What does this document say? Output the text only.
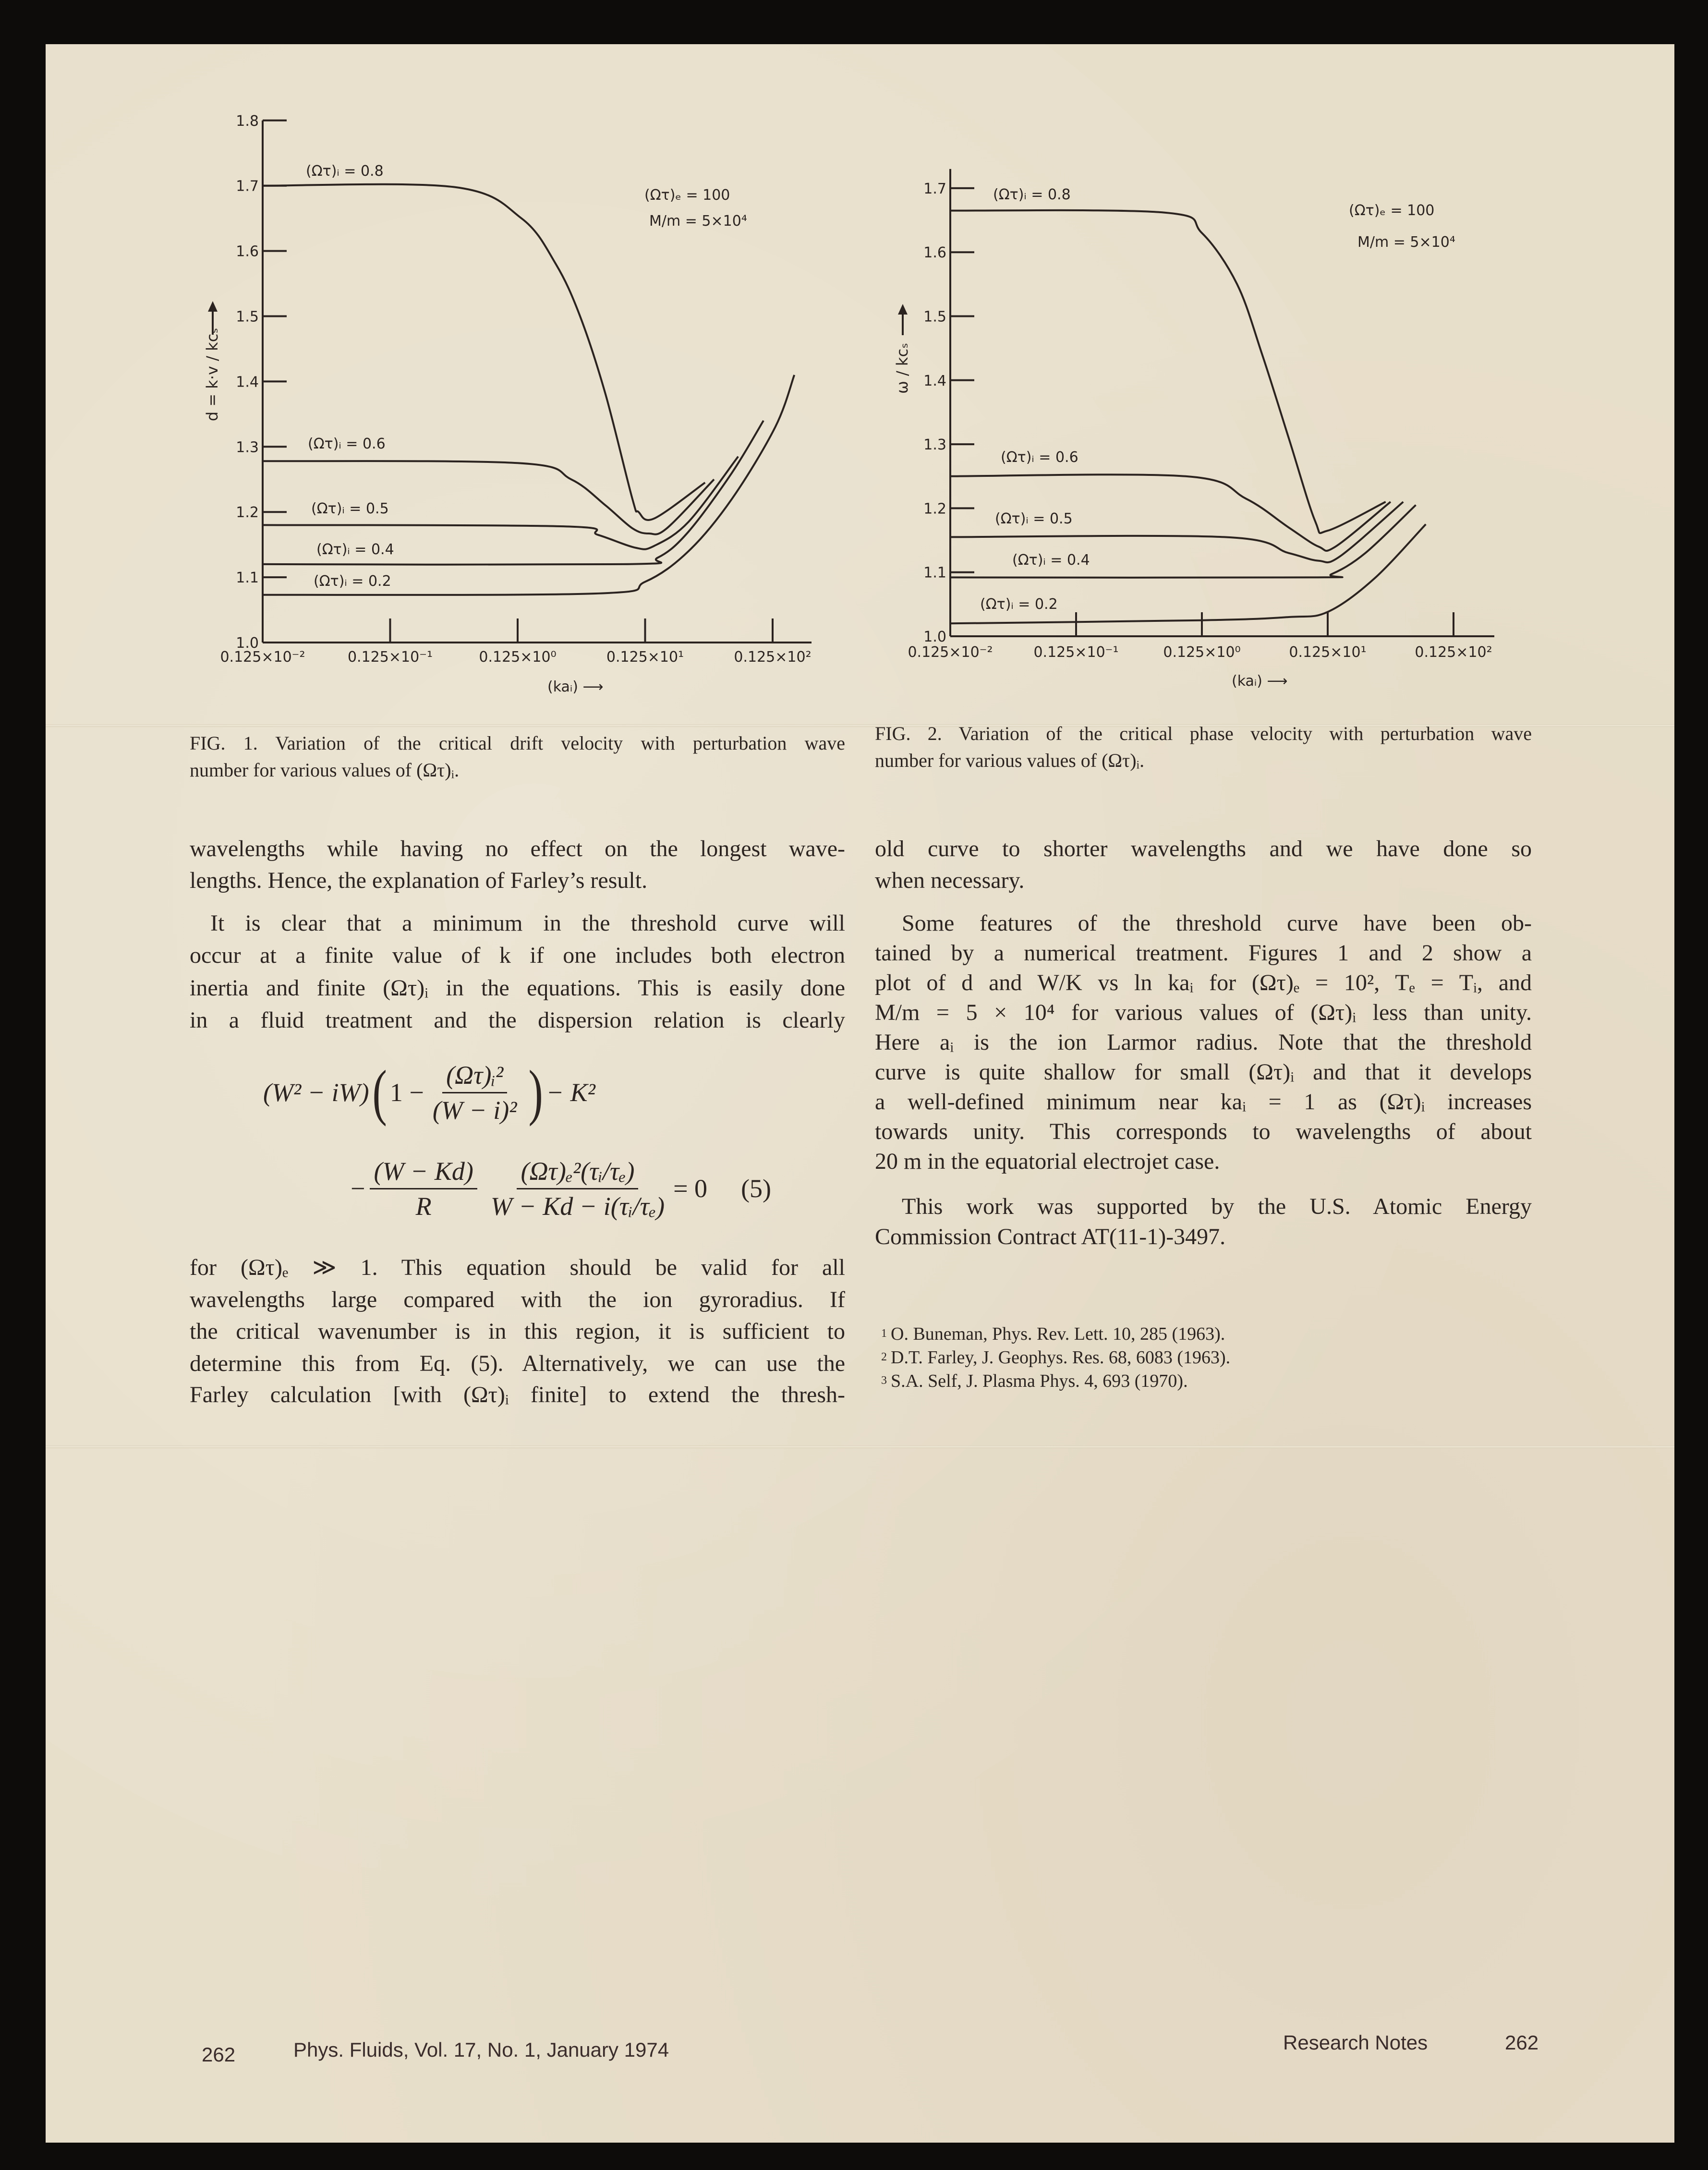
1.8
1.7
1.6
1.5
1.4
1.3
1.2
1.1
1.0
0.125×10⁻²	0.125×10⁻¹	0.125×10⁰	0.125×10¹	0.125×10²
(Ωτ)ᵢ = 0.8
(Ωτ)ᵢ = 0.6
(Ωτ)ᵢ = 0.5
(Ωτ)ᵢ = 0.4
(Ωτ)ᵢ = 0.2
(Ωτ)ₑ = 100
M/m = 5×10⁴
d = k·v / kcₛ
(kaᵢ) ⟶
1.7
1.6
1.5
1.4
1.3
1.2
1.1
1.0
0.125×10⁻²	0.125×10⁻¹	0.125×10⁰	0.125×10¹	0.125×10²
(Ωτ)ᵢ = 0.8
(Ωτ)ᵢ = 0.6
(Ωτ)ᵢ = 0.5
(Ωτ)ᵢ = 0.4
(Ωτ)ᵢ = 0.2
(Ωτ)ₑ = 100
M/m = 5×10⁴
ω / kcₛ
(kaᵢ) ⟶
FIG. 1. Variation of the critical drift velocity with perturbation wave
number for various values of (Ωτ)ᵢ.
FIG. 2. Variation of the critical phase velocity with perturbation wave
number for various values of (Ωτ)ᵢ.
wavelengths while having no effect on the longest wave-
lengths. Hence, the explanation of Farley’s result.
It is clear that a minimum in the threshold curve will
occur at a finite value of k if one includes both electron
inertia and finite (Ωτ)ᵢ in the equations. This is easily done
in a fluid treatment and the dispersion relation is clearly
(W² − iW) ( $1 - \frac{\text{(Ωτ)ᵢ²}}{\text{(W − i)²}}$ ) − K²
− $\frac{(W - Kd)}{R} \frac{\text{(Ωτ)ₑ²(τᵢ/τₑ)}}{\text{W − Kd − i(τᵢ/τₑ)}} = 0$ (5)
for (Ωτ)ₑ ≫ 1. This equation should be valid for all
wavelengths large compared with the ion gyroradius. If
the critical wavenumber is in this region, it is sufficient to
determine this from Eq. (5). Alternatively, we can use the
Farley calculation [with (Ωτ)ᵢ finite] to extend the thresh-
old curve to shorter wavelengths and we have done so
when necessary.
Some features of the threshold curve have been ob-
tained by a numerical treatment. Figures 1 and 2 show a
plot of d and W/K vs ln kaᵢ for (Ωτ)ₑ = 10², Tₑ = Tᵢ, and
M/m = 5 × 10⁴ for various values of (Ωτ)ᵢ less than unity.
Here aᵢ is the ion Larmor radius. Note that the threshold
curve is quite shallow for small (Ωτ)ᵢ and that it develops
a well-defined minimum near kaᵢ = 1 as (Ωτ)ᵢ increases
towards unity. This corresponds to wavelengths of about
20 m in the equatorial electrojet case.
This work was supported by the U.S. Atomic Energy
Commission Contract AT(11-1)-3497.
$^1$ O. Buneman, Phys. Rev. Lett. 10, 285 (1963).
$^2$ D.T. Farley, J. Geophys. Res. 68, 6083 (1963).
$^3$ S.A. Self, J. Plasma Phys. 4, 693 (1970).
262	Phys. Fluids, Vol. 17, No. 1, January 1974	Research Notes	262
